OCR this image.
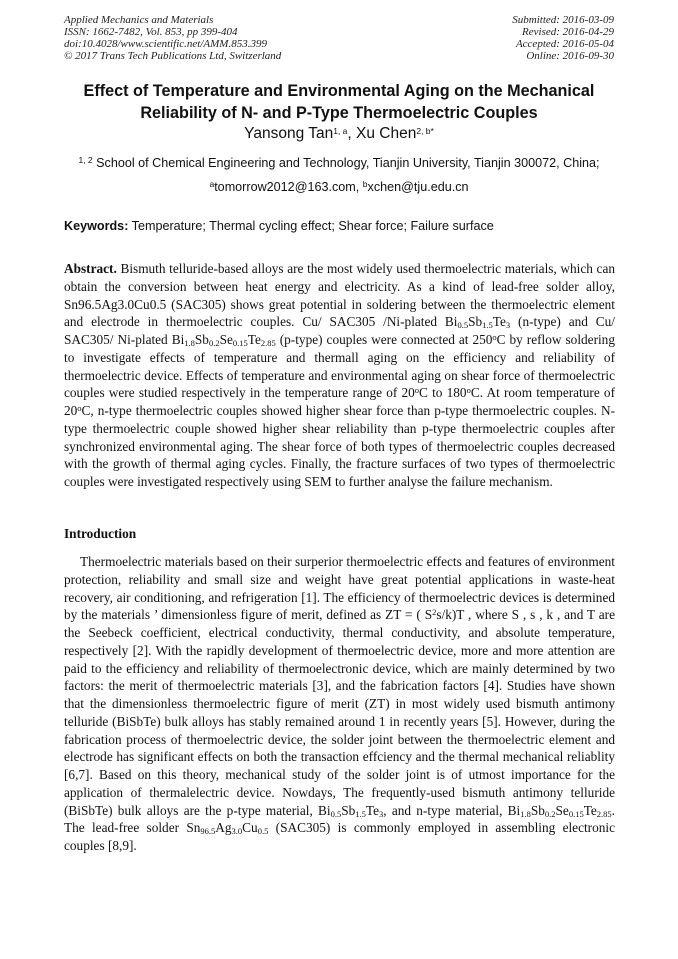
Applied Mechanics and Materials
ISSN: 1662-7482, Vol. 853, pp 399-404
doi:10.4028/www.scientific.net/AMM.853.399
© 2017 Trans Tech Publications Ltd, Switzerland
Submitted: 2016-03-09
Revised: 2016-04-29
Accepted: 2016-05-04
Online: 2016-09-30
Effect of Temperature and Environmental Aging on the Mechanical
Reliability of N- and P-Type Thermoelectric Couples
Yansong Tan$^{1, a}$, Xu Chen$^{2, b*}$
$^{1, 2}$ School of Chemical Engineering and Technology, Tianjin University, Tianjin 300072, China;
$^a$tomorrow2012@163.com, $^b$xchen@tju.edu.cn
Keywords: Temperature; Thermal cycling effect; Shear force; Failure surface
Abstract. Bismuth telluride-based alloys are the most widely used thermoelectric materials, which can obtain the conversion between heat energy and electricity. As a kind of lead-free solder alloy, Sn96.5Ag3.0Cu0.5 (SAC305) shows great potential in soldering between the thermoelectric element and electrode in thermoelectric couples. Cu/ SAC305 /Ni-plated $Bi_{0.5}Sb_{1.5}Te_3$ (n-type) and Cu/ SAC305/ Ni-plated $Bi_{1.8}Sb_{0.2}Se_{0.15}Te_{2.85}$ (p-type) couples were connected at 250$^o$C by reflow soldering to investigate effects of temperature and thermall aging on the efficiency and reliability of thermoelectric device. Effects of temperature and environmental aging on shear force of thermoelectric couples were studied respectively in the temperature range of 20$^o$C to 180$^o$C. At room temperature of 20$^o$C, n-type thermoelectric couples showed higher shear force than p-type thermoelectric couples. N-type thermoelectric couple showed higher shear reliability than p-type thermoelectric couples after synchronized environmental aging. The shear force of both types of thermoelectric couples decreased with the growth of thermal aging cycles. Finally, the fracture surfaces of two types of thermoelectric couples were investigated respectively using SEM to further analyse the failure mechanism.
Introduction
Thermoelectric materials based on their surperior thermoelectric effects and features of environment protection, reliability and small size and weight have great potential applications in waste-heat recovery, air conditioning, and refrigeration [1]. The efficiency of thermoelectric devices is determined by the materials ’ dimensionless figure of merit, defined as ZT = ( $S^2s/k)T$ , where S , s , k , and T are the Seebeck coefficient, electrical conductivity, thermal conductivity, and absolute temperature, respectively [2]. With the rapidly development of thermoelectric device, more and more attention are paid to the efficiency and reliability of thermoelectronic device, which are mainly determined by two factors: the merit of thermoelectric materials [3], and the fabrication factors [4]. Studies have shown that the dimensionless thermoelectric figure of merit (ZT) in most widely used bismuth antimony telluride (BiSbTe) bulk alloys has stably remained around 1 in recently years [5]. However, during the fabrication process of thermoelectric device, the solder joint between the thermoelectric element and electrode has significant effects on both the transaction effciency and the thermal mechanical reliablity [6,7]. Based on this theory, mechanical study of the solder joint is of utmost importance for the application of thermalelectric device. Nowdays, The frequently-used bismuth antimony telluride (BiSbTe) bulk alloys are the p-type material, $Bi_{0.5}Sb_{1.5}Te_3$, and n-type material, $Bi_{1.8}Sb_{0.2}Se_{0.15}Te_{2.85}$. The lead-free solder $Sn_{96.5}Ag_{3.0}Cu_{0.5}$ (SAC305) is commonly employed in assembling electronic couples [8,9].
